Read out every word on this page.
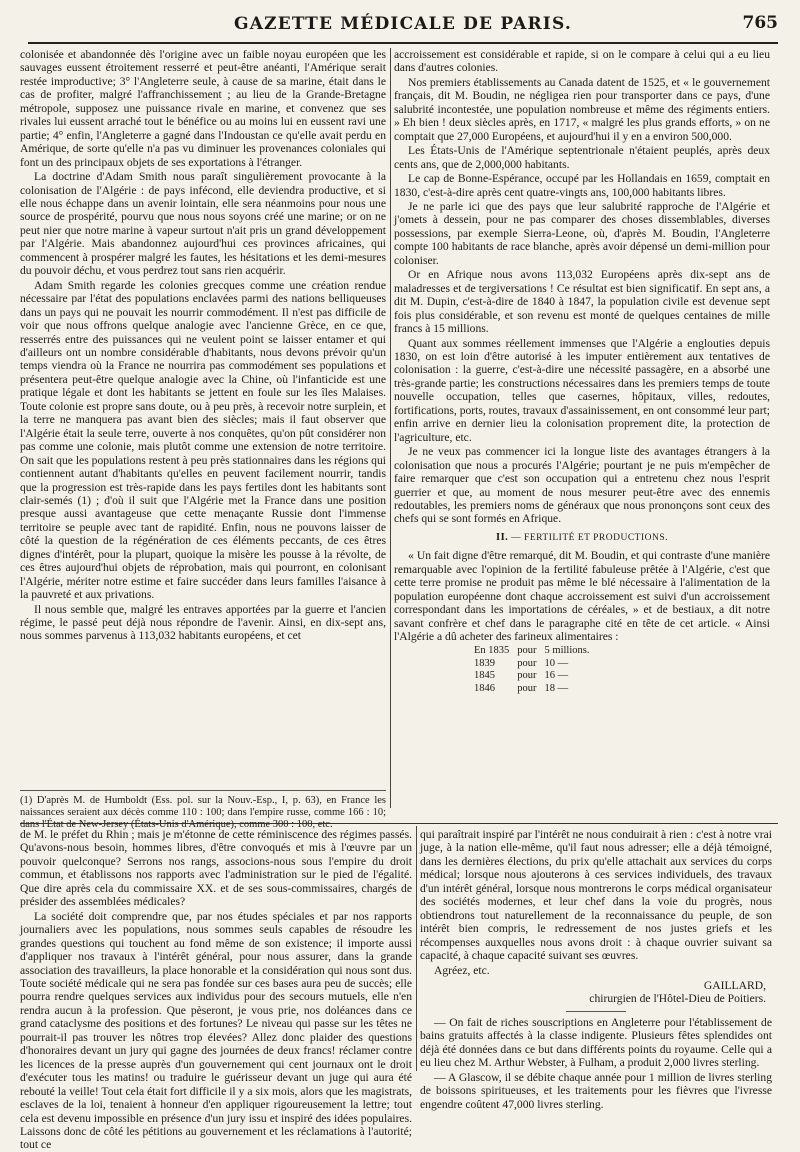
GAZETTE MÉDICALE DE PARIS.	765

colonisée et abandonnée dès l'origine avec un faible noyau européen que les sauvages eussent étroitement resserré et peut-être anéanti, l'Amérique serait restée improductive; 3° l'Angleterre seule, à cause de sa marine, était dans le cas de profiter, malgré l'affranchissement ; au lieu de la Grande-Bretagne métropole, supposez une puissance rivale en marine, et convenez que ses rivales lui eussent arraché tout le bénéfice ou au moins lui en eussent ravi une partie; 4° enfin, l'Angleterre a gagné dans l'Indoustan ce qu'elle avait perdu en Amérique, de sorte qu'elle n'a pas vu diminuer les provenances coloniales qui font un des principaux objets de ses exportations à l'étranger.

La doctrine d'Adam Smith nous paraît singulièrement provocante à la colonisation de l'Algérie : de pays infécond, elle deviendra productive, et si elle nous échappe dans un avenir lointain, elle sera néanmoins pour nous une source de prospérité, pourvu que nous nous soyons créé une marine; or on ne peut nier que notre marine à vapeur surtout n'ait pris un grand développement par l'Algérie. Mais abandonnez aujourd'hui ces provinces africaines, qui commencent à prospérer malgré les fautes, les hésitations et les demi-mesures du pouvoir déchu, et vous perdrez tout sans rien acquérir.

Adam Smith regarde les colonies grecques comme une création rendue nécessaire par l'état des populations enclavées parmi des nations belliqueuses dans un pays qui ne pouvait les nourrir commodément. Il n'est pas difficile de voir que nous offrons quelque analogie avec l'ancienne Grèce, en ce que, resserrés entre des puissances qui ne veulent point se laisser entamer et qui d'ailleurs ont un nombre considérable d'habitants, nous devons prévoir qu'un temps viendra où la France ne nourrira pas commodément ses populations et présentera peut-être quelque analogie avec la Chine, où l'infanticide est une pratique légale et dont les habitants se jettent en foule sur les îles Malaises. Toute colonie est propre sans doute, ou à peu près, à recevoir notre surplein, et la terre ne manquera pas avant bien des siècles; mais il faut observer que l'Algérie était la seule terre, ouverte à nos conquêtes, qu'on pût considérer non pas comme une colonie, mais plutôt comme une extension de notre territoire. On sait que les populations restent à peu près stationnaires dans les régions qui contiennent autant d'habitants qu'elles en peuvent facilement nourrir, tandis que la progression est très-rapide dans les pays fertiles dont les habitants sont clair-semés (1) ; d'où il suit que l'Algérie met la France dans une position presque aussi avantageuse que cette menaçante Russie dont l'immense territoire se peuple avec tant de rapidité. Enfin, nous ne pouvons laisser de côté la question de la régénération de ces éléments peccants, de ces êtres dignes d'intérêt, pour la plupart, quoique la misère les pousse à la révolte, de ces êtres aujourd'hui objets de réprobation, mais qui pourront, en colonisant l'Algérie, mériter notre estime et faire succéder dans leurs familles l'aisance à la pauvreté et aux privations.

Il nous semble que, malgré les entraves apportées par la guerre et l'ancien régime, le passé peut déjà nous répondre de l'avenir. Ainsi, en dix-sept ans, nous sommes parvenus à 113,032 habitants européens, et cet

(1) D'après M. de Humboldt (Ess. pol. sur la Nouv.-Esp., I, p. 63), en France les naissances seraient aux décès comme 110 : 100; dans l'empire russe, comme 166 : 10; dans l'État de New-Jersey (États-Unis d'Amérique), comme 300 : 100, etc.

accroissement est considérable et rapide, si on le compare à celui qui a eu lieu dans d'autres colonies.

Nos premiers établissements au Canada datent de 1525, et « le gouvernement français, dit M. Boudin, ne négligea rien pour transporter dans ce pays, d'une salubrité incontestée, une population nombreuse et même des régiments entiers. » Eh bien ! deux siècles après, en 1717, « malgré les plus grands efforts, » on ne comptait que 27,000 Européens, et aujourd'hui il y en a environ 500,000.

Les États-Unis de l'Amérique septentrionale n'étaient peuplés, après deux cents ans, que de 2,000,000 habitants.

Le cap de Bonne-Espérance, occupé par les Hollandais en 1659, comptait en 1830, c'est-à-dire après cent quatre-vingts ans, 100,000 habitants libres.

Je ne parle ici que des pays que leur salubrité rapproche de l'Algérie et j'omets à dessein, pour ne pas comparer des choses dissemblables, diverses possessions, par exemple Sierra-Leone, où, d'après M. Boudin, l'Angleterre compte 100 habitants de race blanche, après avoir dépensé un demi-million pour coloniser.

Or en Afrique nous avons 113,032 Européens après dix-sept ans de maladresses et de tergiversations ! Ce résultat est bien significatif. En sept ans, a dit M. Dupin, c'est-à-dire de 1840 à 1847, la population civile est devenue sept fois plus considérable, et son revenu est monté de quelques centaines de mille francs à 15 millions.

Quant aux sommes réellement immenses que l'Algérie a englouties depuis 1830, on est loin d'être autorisé à les imputer entièrement aux tentatives de colonisation : la guerre, c'est-à-dire une nécessité passagère, en a absorbé une très-grande partie; les constructions nécessaires dans les premiers temps de toute nouvelle occupation, telles que casernes, hôpitaux, villes, redoutes, fortifications, ports, routes, travaux d'assainissement, en ont consommé leur part; enfin arrive en dernier lieu la colonisation proprement dite, la protection de l'agriculture, etc.

Je ne veux pas commencer ici la longue liste des avantages étrangers à la colonisation que nous a procurés l'Algérie; pourtant je ne puis m'empêcher de faire remarquer que c'est son occupation qui a entretenu chez nous l'esprit guerrier et que, au moment de nous mesurer peut-être avec des ennemis redoutables, les premiers noms de généraux que nous prononçons sont ceux des chefs qui se sont formés en Afrique.

II. — FERTILITÉ ET PRODUCTIONS.

« Un fait digne d'être remarqué, dit M. Boudin, et qui contraste d'une manière remarquable avec l'opinion de la fertilité fabuleuse prêtée à l'Algérie, c'est que cette terre promise ne produit pas même le blé nécessaire à l'alimentation de la population européenne dont chaque accroissement est suivi d'un accroissement correspondant dans les importations de céréales, » et de bestiaux, a dit notre savant confrère et chef dans le paragraphe cité en tête de cet article. « Ainsi l'Algérie a dû acheter des farineux alimentaires :

En 1835	pour	5 millions.
1839	pour	10 —
1845	pour	16 —
1846	pour	18 —

de M. le préfet du Rhin ; mais je m'étonne de cette réminiscence des régimes passés. Qu'avons-nous besoin, hommes libres, d'être convoqués et mis à l'œuvre par un pouvoir quelconque? Serrons nos rangs, associons-nous sous l'empire du droit commun, et établissons nos rapports avec l'administration sur le pied de l'égalité. Que dire après cela du commissaire XX. et de ses sous-commissaires, chargés de présider des assemblées médicales?

La société doit comprendre que, par nos études spéciales et par nos rapports journaliers avec les populations, nous sommes seuls capables de résoudre les grandes questions qui touchent au fond même de son existence; il importe aussi d'appliquer nos travaux à l'intérêt général, pour nous assurer, dans la grande association des travailleurs, la place honorable et la considération qui nous sont dus. Toute société médicale qui ne sera pas fondée sur ces bases aura peu de succès; elle pourra rendre quelques services aux individus pour des secours mutuels, elle n'en rendra aucun à la profession. Que pèseront, je vous prie, nos doléances dans ce grand cataclysme des positions et des fortunes? Le niveau qui passe sur les têtes ne pourrait-il pas trouver les nôtres trop élevées? Allez donc plaider des questions d'honoraires devant un jury qui gagne des journées de deux francs! réclamer contre les licences de la presse auprès d'un gouvernement qui cent journaux ont le droit d'exécuter tous les matins! ou traduire le guérisseur devant un juge qui aura été rebouté la veille! Tout cela était fort difficile il y a six mois, alors que les magistrats, esclaves de la loi, tenaient à honneur d'en appliquer rigoureusement la lettre; tout cela est devenu impossible en présence d'un jury issu et inspiré des idées populaires. Laissons donc de côté les pétitions au gouvernement et les réclamations à l'autorité; tout ce

qui paraîtrait inspiré par l'intérêt ne nous conduirait à rien : c'est à notre vrai juge, à la nation elle-même, qu'il faut nous adresser; elle a déjà témoigné, dans les dernières élections, du prix qu'elle attachait aux services du corps médical; lorsque nous ajouterons à ces services individuels, des travaux d'un intérêt général, lorsque nous montrerons le corps médical organisateur des sociétés modernes, et leur chef dans la voie du progrès, nous obtiendrons tout naturellement de la reconnaissance du peuple, de son intérêt bien compris, le redressement de nos justes griefs et les récompenses auxquelles nous avons droit : à chaque ouvrier suivant sa capacité, à chaque capacité suivant ses œuvres.

Agréez, etc.

GAILLARD,
chirurgien de l'Hôtel-Dieu de Poitiers.

— On fait de riches souscriptions en Angleterre pour l'établissement de bains gratuits affectés à la classe indigente. Plusieurs fêtes splendides ont déjà été données dans ce but dans différents points du royaume. Celle qui a eu lieu chez M. Arthur Webster, à Fulham, a produit 2,000 livres sterling.

— A Glascow, il se débite chaque année pour 1 million de livres sterling de boissons spiritueuses, et les traitements pour les fièvres que l'ivresse engendre coûtent 47,000 livres sterling.
